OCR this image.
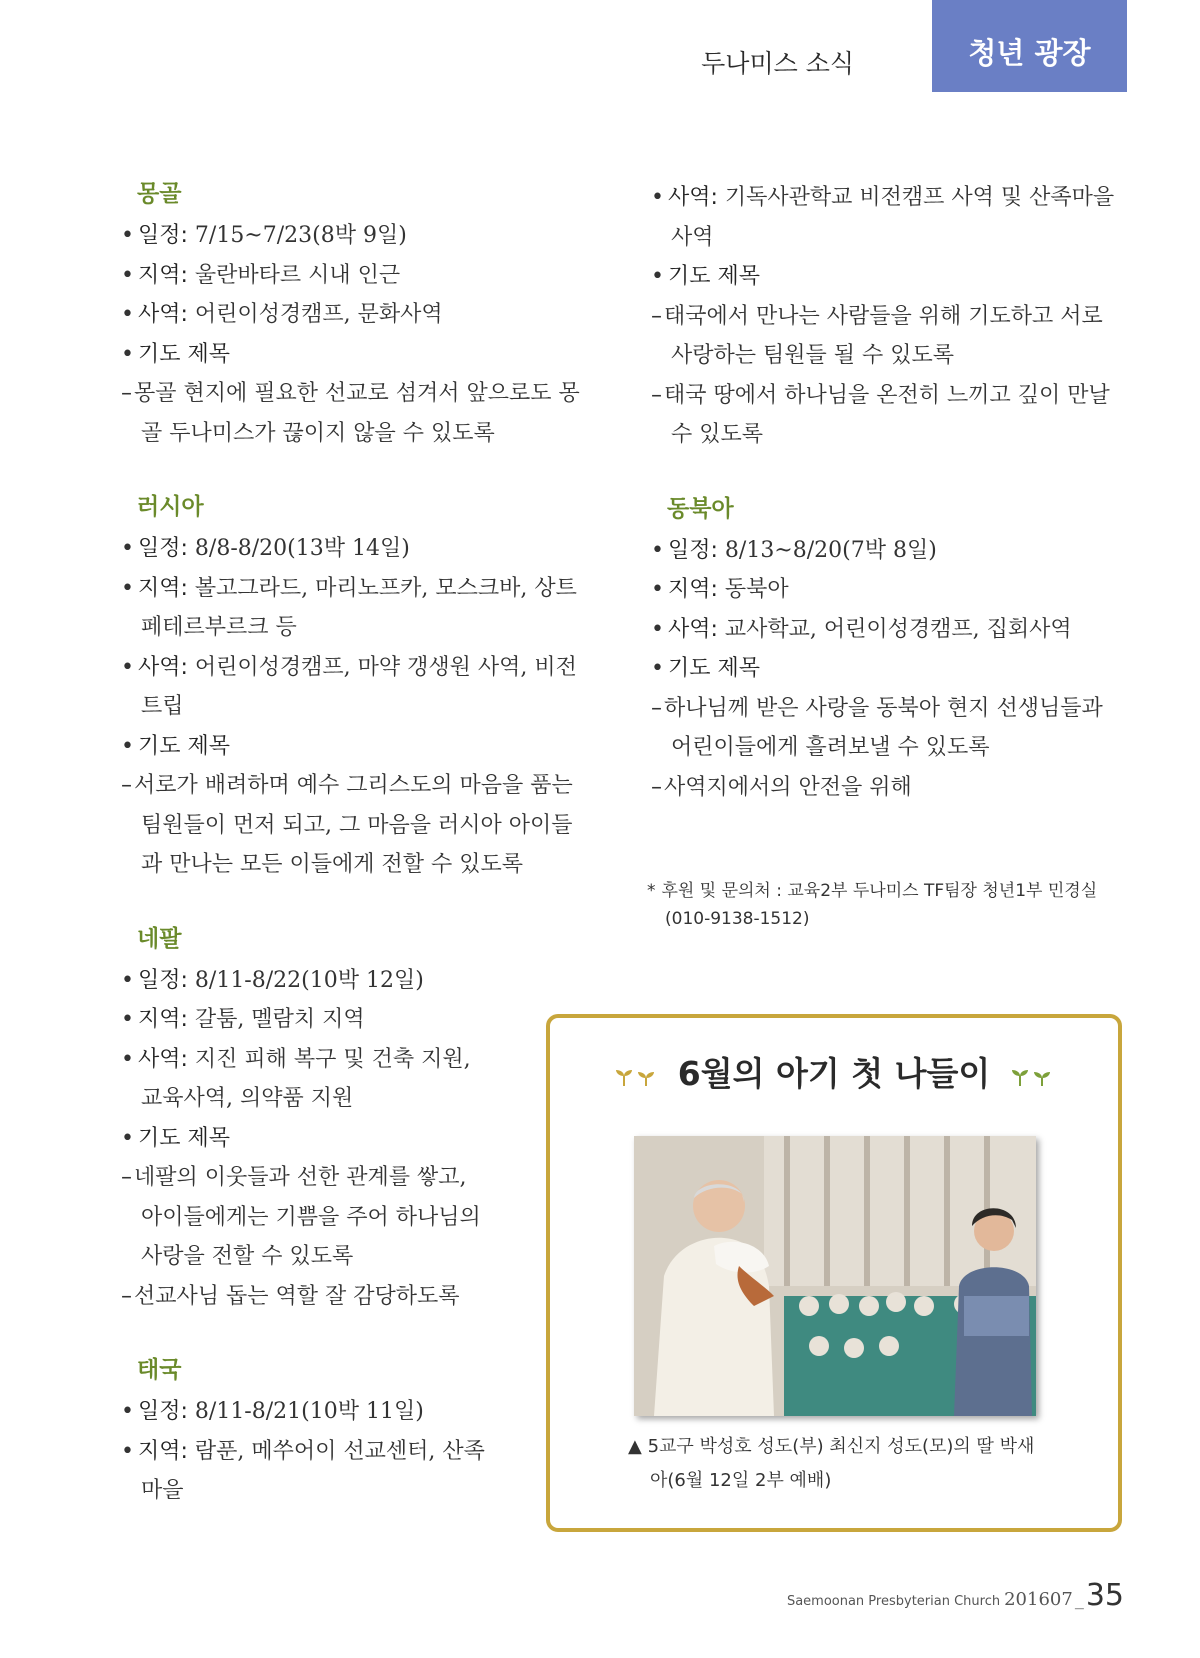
두나미스 소식	청년 광장
몽골
• 일정: 7/15~7/23(8박 9일)
• 지역: 울란바타르 시내 인근
• 사역: 어린이성경캠프, 문화사역
• 기도 제목
– 몽골 현지에 필요한 선교로 섬겨서 앞으로도 몽
골 두나미스가 끊이지 않을 수 있도록
러시아
• 일정: 8/8-8/20(13박 14일)
• 지역: 볼고그라드, 마리노프카, 모스크바, 상트
페테르부르크 등
• 사역: 어린이성경캠프, 마약 갱생원 사역, 비전
트립
• 기도 제목
– 서로가 배려하며 예수 그리스도의 마음을 품는
팀원들이 먼저 되고, 그 마음을 러시아 아이들
과 만나는 모든 이들에게 전할 수 있도록
네팔
• 일정: 8/11-8/22(10박 12일)
• 지역: 갈툼, 멜람치 지역
• 사역: 지진 피해 복구 및 건축 지원,
교육사역, 의약품 지원
• 기도 제목
– 네팔의 이웃들과 선한 관계를 쌓고,
아이들에게는 기쁨을 주어 하나님의
사랑을 전할 수 있도록
– 선교사님 돕는 역할 잘 감당하도록
태국
• 일정: 8/11-8/21(10박 11일)
• 지역: 람푼, 메쑤어이 선교센터, 산족
마을
• 사역: 기독사관학교 비전캠프 사역 및 산족마을
사역
• 기도 제목
– 태국에서 만나는 사람들을 위해 기도하고 서로
사랑하는 팀원들 될 수 있도록
– 태국 땅에서 하나님을 온전히 느끼고 깊이 만날
수 있도록
동북아
• 일정: 8/13~8/20(7박 8일)
• 지역: 동북아
• 사역: 교사학교, 어린이성경캠프, 집회사역
• 기도 제목
– 하나님께 받은 사랑을 동북아 현지 선생님들과
어린이들에게 흘려보낼 수 있도록
– 사역지에서의 안전을 위해
* 후원 및 문의처 : 교육2부 두나미스 TF팀장 청년1부 민경실
(010-9138-1512)
6월의 아기 첫 나들이
▲ 5교구 박성호 성도(부) 최신지 성도(모)의 딸 박새
아(6월 12일 2부 예배)
Saemoonan Presbyterian Church 201607 _35
